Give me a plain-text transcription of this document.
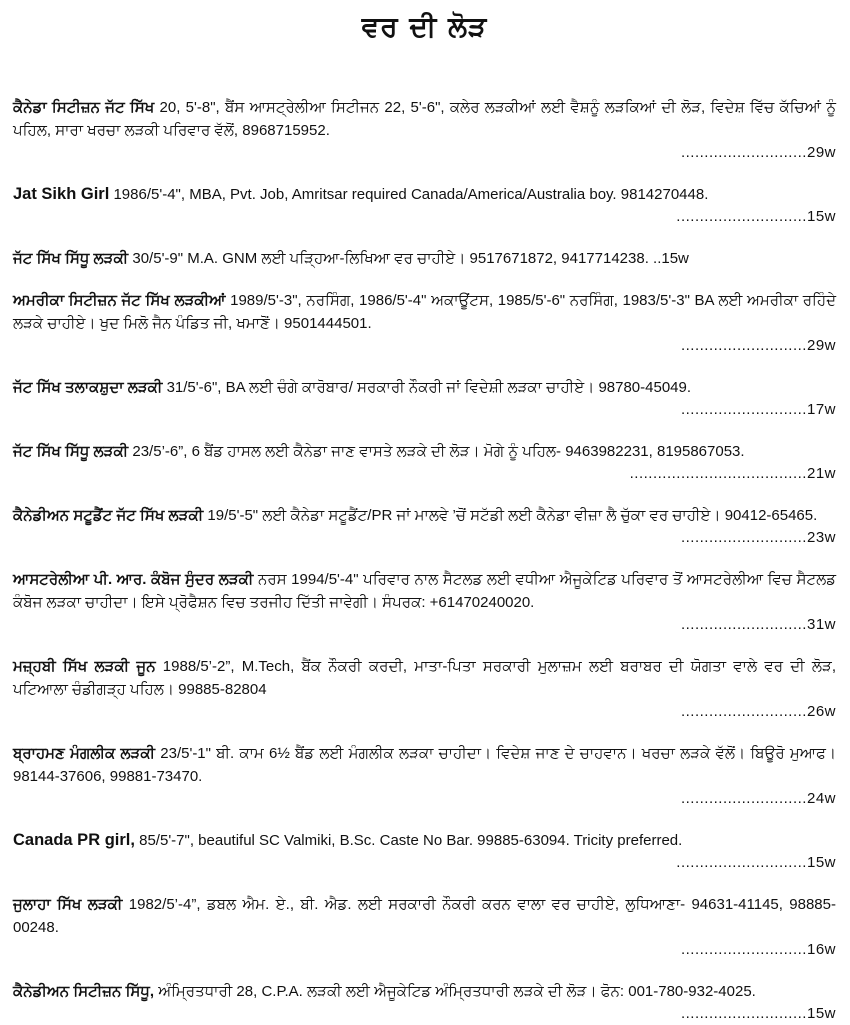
ਵਰ ਦੀ ਲੋੜ
ਕੈਨੇਡਾ ਸਿਟੀਜ਼ਨ ਜੱਟ ਸਿੱਖ 20, 5'-8", ਬੈਂਸ ਆਸਟ੍ਰੇਲੀਆ ਸਿਟੀਜਨ 22, 5'-6", ਕਲੇਰ ਲੜਕੀਆਂ ਲਈ ਵੈਸ਼ਨੂੰ ਲੜਕਿਆਂ ਦੀ ਲੋੜ, ਵਿਦੇਸ਼ ਵਿੱਚ ਕੱਚਿਆਂ ਨੂੰ ਪਹਿਲ, ਸਾਰਾ ਖਰਚਾ ਲੜਕੀ ਪਰਿਵਾਰ ਵੱਲੋਂ, 8968715952.
...........................29w
Jat Sikh Girl 1986/5'-4", MBA, Pvt. Job, Amritsar required Canada/America/Australia boy. 9814270448.
............................15w
ਜੱਟ ਸਿੱਖ ਸਿੱਧੂ ਲੜਕੀ 30/5'-9" M.A. GNM ਲਈ ਪੜ੍ਹਿਆ-ਲਿਖਿਆ ਵਰ ਚਾਹੀਏ। 9517671872, 9417714238. ..15w
ਅਮਰੀਕਾ ਸਿਟੀਜ਼ਨ ਜੱਟ ਸਿੱਖ ਲੜਕੀਆਂ 1989/5'-3", ਨਰਸਿੰਗ, 1986/5'-4" ਅਕਾਊਂਟਸ, 1985/5'-6" ਨਰਸਿੰਗ, 1983/5'-3" BA ਲਈ ਅਮਰੀਕਾ ਰਹਿੰਦੇ ਲੜਕੇ ਚਾਹੀਏ। ਖੁਦ ਮਿਲੋ ਜੈਨ ਪੰਡਿਤ ਜੀ, ਖਮਾਣੋਂ। 9501444501.
...........................29w
ਜੱਟ ਸਿੱਖ ਤਲਾਕਸ਼ੁਦਾ ਲੜਕੀ 31/5'-6", BA ਲਈ ਚੰਗੇ ਕਾਰੋਬਾਰ/ ਸਰਕਾਰੀ ਨੌਕਰੀ ਜਾਂ ਵਿਦੇਸ਼ੀ ਲੜਕਾ ਚਾਹੀਏ। 98780-45049.
...........................17w
ਜੱਟ ਸਿੱਖ ਸਿੱਧੂ ਲੜਕੀ 23/5’-6”, 6 ਬੈਂਡ ਹਾਸਲ ਲਈ ਕੈਨੇਡਾ ਜਾਣ ਵਾਸਤੇ ਲੜਕੇ ਦੀ ਲੋੜ। ਮੋਗੇ ਨੂੰ ਪਹਿਲ- 9463982231, 8195867053.
......................................21w
ਕੈਨੇਡੀਅਨ ਸਟੂਡੈਂਟ ਜੱਟ ਸਿੱਖ ਲੜਕੀ 19/5'-5" ਲਈ ਕੈਨੇਡਾ ਸਟੂਡੈਂਟ/PR ਜਾਂ ਮਾਲਵੇ ’ਚੋਂ ਸਟੱਡੀ ਲਈ ਕੈਨੇਡਾ ਵੀਜ਼ਾ ਲੈ ਚੁੱਕਾ ਵਰ ਚਾਹੀਏ। 90412-65465.
...........................23w
ਆਸਟਰੇਲੀਆ ਪੀ. ਆਰ. ਕੰਬੋਜ ਸੁੰਦਰ ਲੜਕੀ ਨਰਸ 1994/5'-4" ਪਰਿਵਾਰ ਨਾਲ ਸੈਟਲਡ ਲਈ ਵਧੀਆ ਐਜੂਕੇਟਿਡ ਪਰਿਵਾਰ ਤੋਂ ਆਸਟਰੇਲੀਆ ਵਿਚ ਸੈਟਲਡ ਕੰਬੋਜ ਲੜਕਾ ਚਾਹੀਦਾ। ਇਸੇ ਪ੍ਰੋਫੈਸ਼ਨ ਵਿਚ ਤਰਜੀਹ ਦਿੱਤੀ ਜਾਵੇਗੀ। ਸੰਪਰਕ: +61470240020.
...........................31w
ਮਜ਼੍ਹਬੀ ਸਿੱਖ ਲੜਕੀ ਜੂਨ 1988/5’-2”, M.Tech, ਬੈਂਕ ਨੌਕਰੀ ਕਰਦੀ, ਮਾਤਾ-ਪਿਤਾ ਸਰਕਾਰੀ ਮੁਲਾਜ਼ਮ ਲਈ ਬਰਾਬਰ ਦੀ ਯੋਗਤਾ ਵਾਲੇ ਵਰ ਦੀ ਲੋੜ, ਪਟਿਆਲਾ ਚੰਡੀਗੜ੍ਹ ਪਹਿਲ। 99885-82804
...........................26w
ਬ੍ਰਾਹਮਣ ਮੰਗਲੀਕ ਲੜਕੀ 23/5'-1" ਬੀ. ਕਾਮ 6½ ਬੈਂਡ ਲਈ ਮੰਗਲੀਕ ਲੜਕਾ ਚਾਹੀਦਾ। ਵਿਦੇਸ਼ ਜਾਣ ਦੇ ਚਾਹਵਾਨ। ਖਰਚਾ ਲੜਕੇ ਵੱਲੋਂ। ਬਿਊਰੋ ਮੁਆਫ। 98144-37606, 99881-73470.
...........................24w
Canada PR girl, 85/5'-7", beautiful SC Valmiki, B.Sc. Caste No Bar. 99885-63094. Tricity preferred.
............................15w
ਜੁਲਾਹਾ ਸਿੱਖ ਲੜਕੀ 1982/5’-4”, ਡਬਲ ਐਮ. ਏ., ਬੀ. ਐਡ. ਲਈ ਸਰਕਾਰੀ ਨੌਕਰੀ ਕਰਨ ਵਾਲਾ ਵਰ ਚਾਹੀਏ, ਲੁਧਿਆਣਾ- 94631-41145, 98885-00248.
...........................16w
ਕੈਨੇਡੀਅਨ ਸਿਟੀਜ਼ਨ ਸਿੱਧੂ, ਅੰਮ੍ਰਿਤਧਾਰੀ 28, C.P.A. ਲੜਕੀ ਲਈ ਐਜੂਕੇਟਿਡ ਅੰਮ੍ਰਿਤਧਾਰੀ ਲੜਕੇ ਦੀ ਲੋੜ। ਫੋਨ: 001-780-932-4025.
...........................15w
